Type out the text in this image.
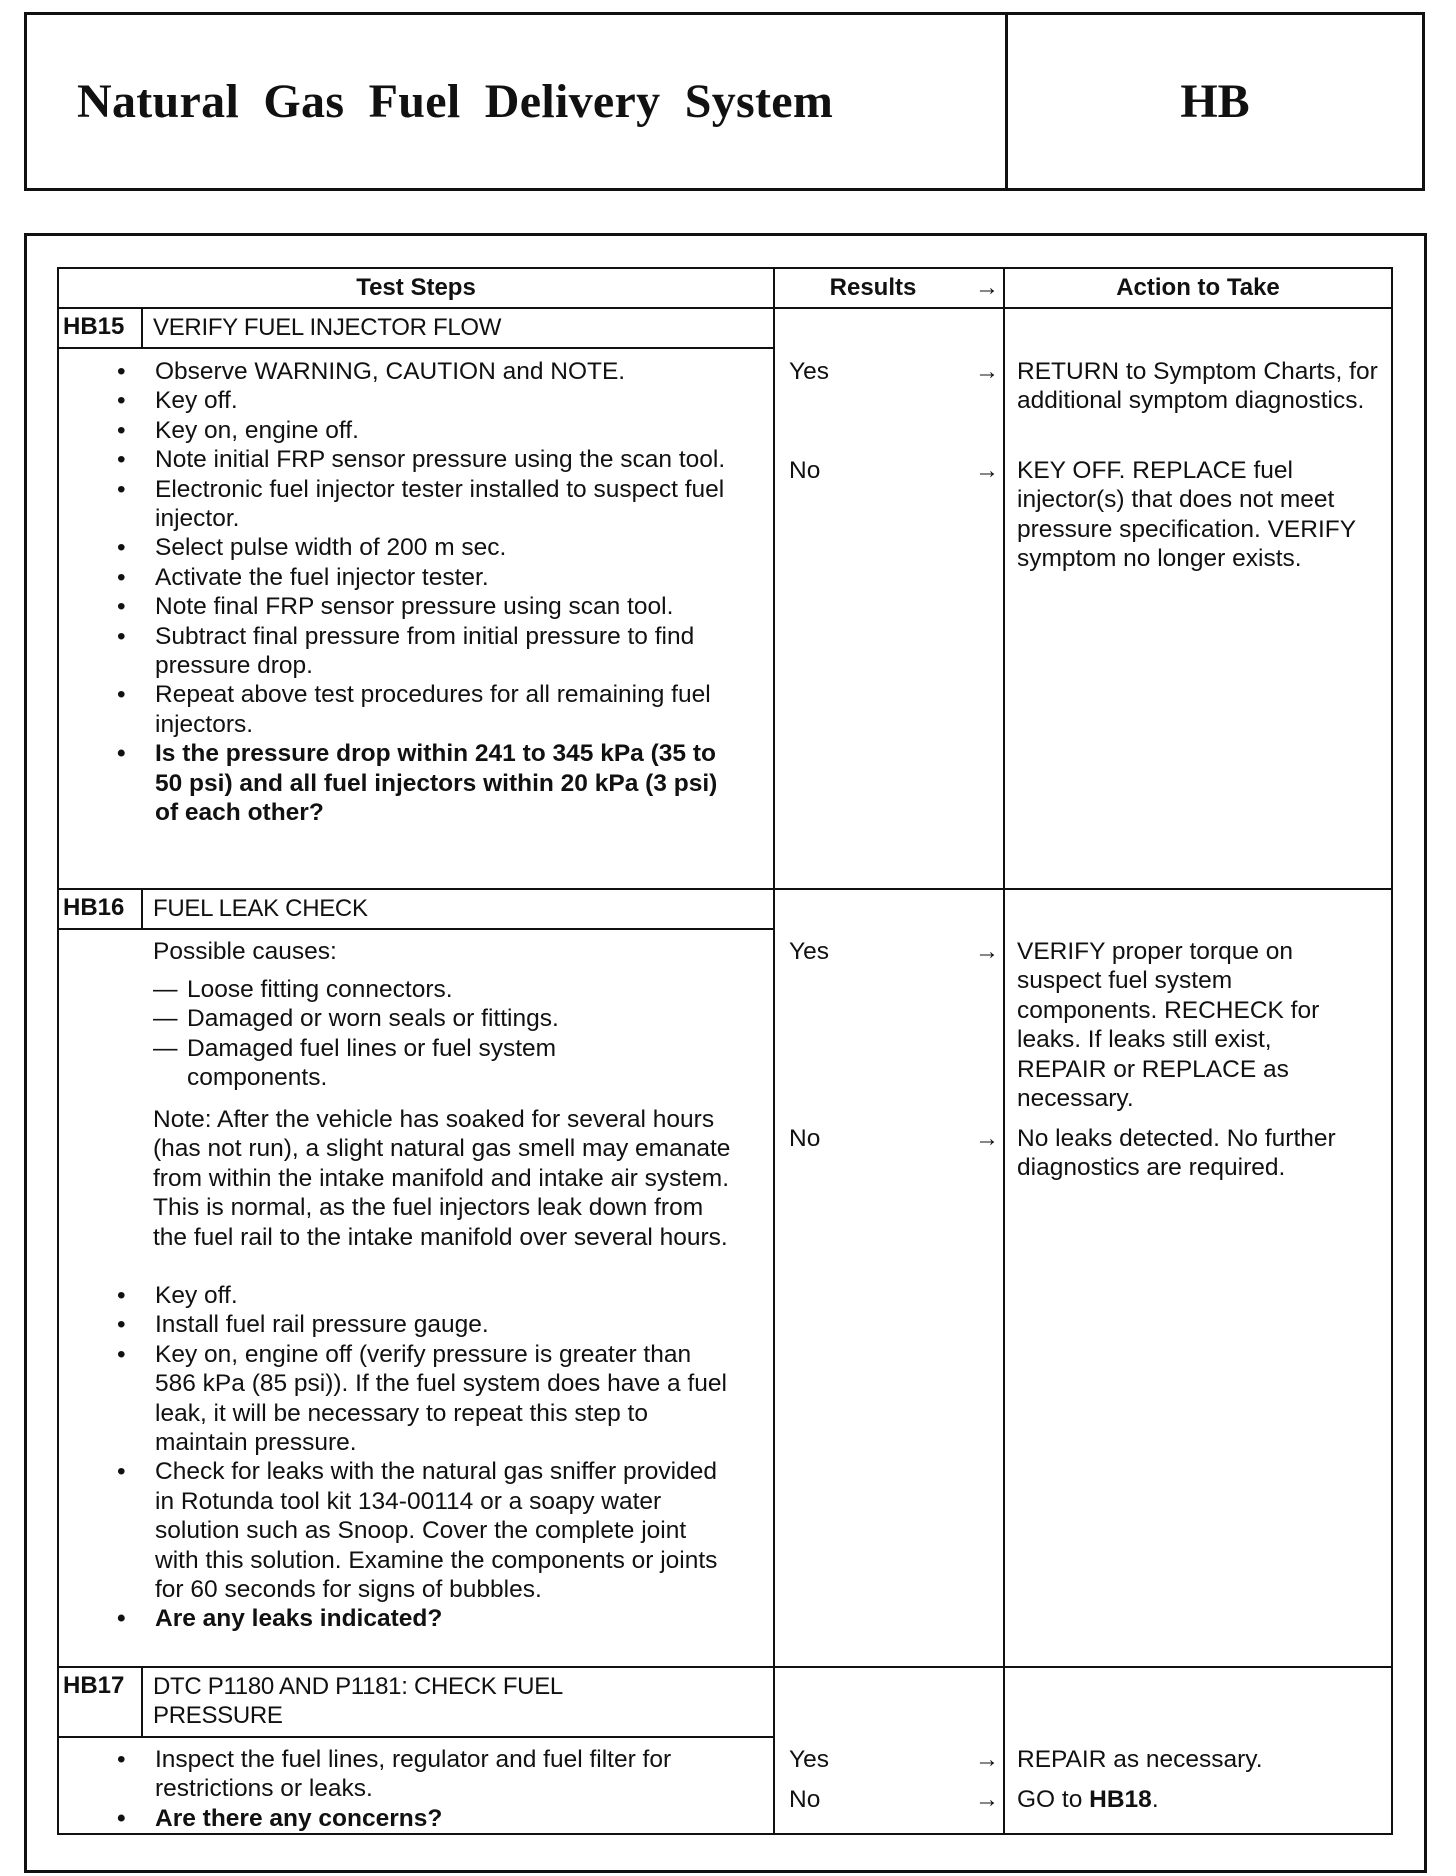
Natural Gas Fuel Delivery System	HB
Test Steps	Results	→	Action to Take
HB15 VERIFY FUEL INJECTOR FLOW
• Observe WARNING, CAUTION and NOTE.
• Key off.
• Key on, engine off.
• Note initial FRP sensor pressure using the scan tool.
• Electronic fuel injector tester installed to suspect fuel injector.
• Select pulse width of 200 m sec.
• Activate the fuel injector tester.
• Note final FRP sensor pressure using scan tool.
• Subtract final pressure from initial pressure to find pressure drop.
• Repeat above test procedures for all remaining fuel injectors.
• Is the pressure drop within 241 to 345 kPa (35 to 50 psi) and all fuel injectors within 20 kPa (3 psi) of each other?
Yes	→ RETURN to Symptom Charts, for additional symptom diagnostics.
No	→ KEY OFF. REPLACE fuel injector(s) that does not meet pressure specification. VERIFY symptom no longer exists.
HB16 FUEL LEAK CHECK
Possible causes:
— Loose fitting connectors.
— Damaged or worn seals or fittings.
— Damaged fuel lines or fuel system components.
Note: After the vehicle has soaked for several hours (has not run), a slight natural gas smell may emanate from within the intake manifold and intake air system. This is normal, as the fuel injectors leak down from the fuel rail to the intake manifold over several hours.
• Key off.
• Install fuel rail pressure gauge.
• Key on, engine off (verify pressure is greater than 586 kPa (85 psi)). If the fuel system does have a fuel leak, it will be necessary to repeat this step to maintain pressure.
• Check for leaks with the natural gas sniffer provided in Rotunda tool kit 134-00114 or a soapy water solution such as Snoop. Cover the complete joint with this solution. Examine the components or joints for 60 seconds for signs of bubbles.
• Are any leaks indicated?
Yes	→ VERIFY proper torque on suspect fuel system components. RECHECK for leaks. If leaks still exist, REPAIR or REPLACE as necessary.
No	→ No leaks detected. No further diagnostics are required.
HB17 DTC P1180 AND P1181: CHECK FUEL PRESSURE
• Inspect the fuel lines, regulator and fuel filter for restrictions or leaks.
• Are there any concerns?
Yes	→ REPAIR as necessary.
No	→ GO to HB18.
